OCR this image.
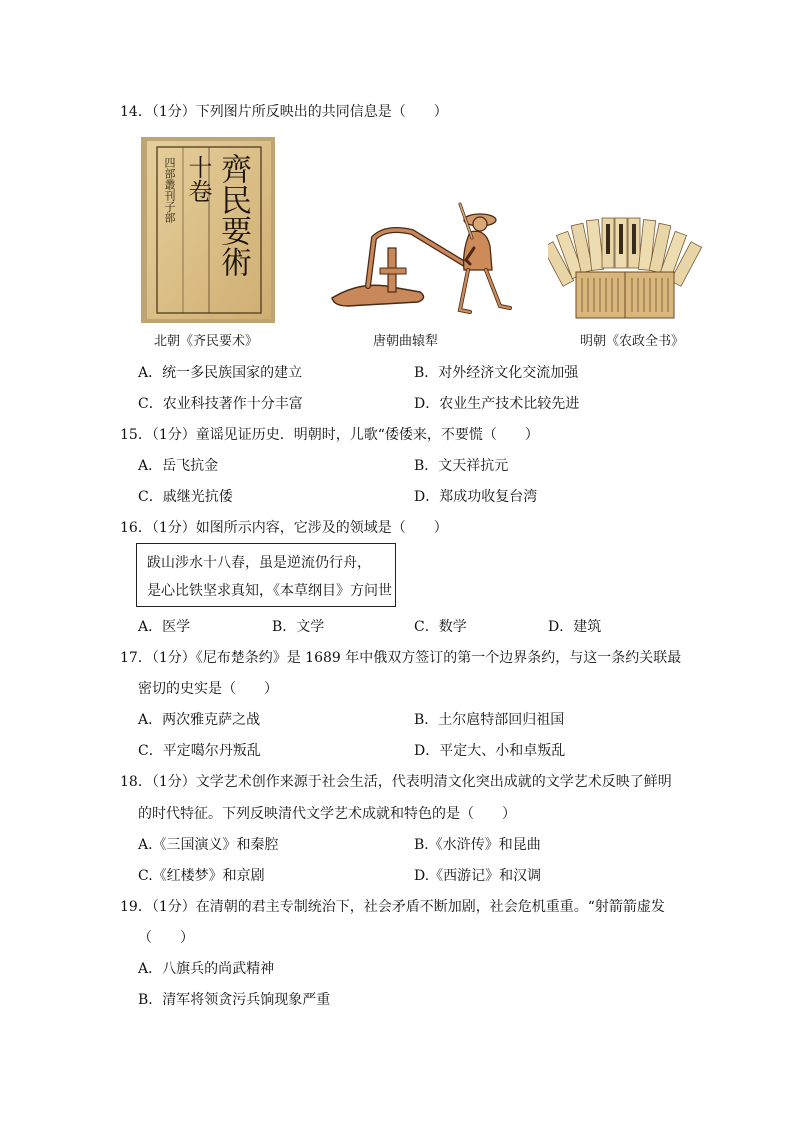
14．（1分）下列图片所反映出的共同信息是（　　）
齊民要術
十卷
四部叢刊子部
北朝《齐民要术》	唐朝曲辕犁	明朝《农政全书》
A．统一多民族国家的建立	B．对外经济文化交流加强
C．农业科技著作十分丰富	D．农业生产技术比较先进
15．（1分）童谣见证历史．明朝时，儿歌“倭倭来，不要慌（　　）
A．岳飞抗金	B．文天祥抗元
C．戚继光抗倭	D．郑成功收复台湾
16．（1分）如图所示内容，它涉及的领域是（　　）
跋山涉水十八春，虽是逆流仍行舟，
是心比铁坚求真知，《本草纲目》方问世
A．医学	B．文学	C．数学	D．建筑
17．（1分）《尼布楚条约》是 1689 年中俄双方签订的第一个边界条约，与这一条约关联最
密切的史实是（　　）
A．两次雅克萨之战	B．土尔扈特部回归祖国
C．平定噶尔丹叛乱	D．平定大、小和卓叛乱
18．（1分）文学艺术创作来源于社会生活，代表明清文化突出成就的文学艺术反映了鲜明
的时代特征。下列反映清代文学艺术成就和特色的是（　　）
A.《三国演义》和秦腔	B.《水浒传》和昆曲
C.《红楼梦》和京剧	D.《西游记》和汉调
19．（1分）在清朝的君主专制统治下，社会矛盾不断加剧，社会危机重重。“射箭箭虚发
（　　）
A．八旗兵的尚武精神
B．清军将领贪污兵饷现象严重
